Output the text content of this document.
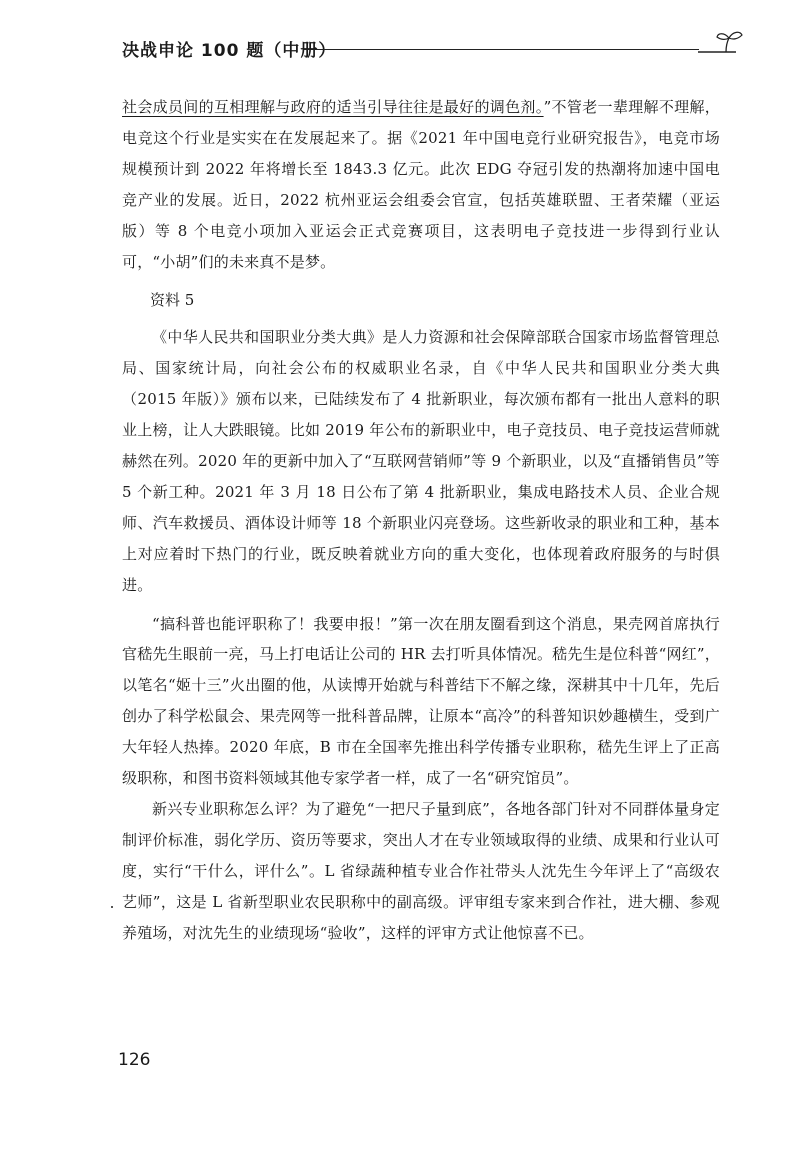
决战申论 100 题（中册）

社会成员间的互相理解与政府的适当引导往往是最好的调色剂。”不管老一辈理解不理解，电竞这个行业是实实在在发展起来了。据《2021 年中国电竞行业研究报告》，电竞市场规模预计到 2022 年将增长至 1843.3 亿元。此次 EDG 夺冠引发的热潮将加速中国电竞产业的发展。近日，2022 杭州亚运会组委会官宣，包括英雄联盟、王者荣耀（亚运版）等 8 个电竞小项加入亚运会正式竞赛项目，这表明电子竞技进一步得到行业认可，“小胡”们的未来真不是梦。

资料 5

《中华人民共和国职业分类大典》是人力资源和社会保障部联合国家市场监督管理总局、国家统计局，向社会公布的权威职业名录，自《中华人民共和国职业分类大典（2015 年版）》颁布以来，已陆续发布了 4 批新职业，每次颁布都有一批出人意料的职业上榜，让人大跌眼镜。比如 2019 年公布的新职业中，电子竞技员、电子竞技运营师就赫然在列。2020 年的更新中加入了“互联网营销师”等 9 个新职业，以及“直播销售员”等 5 个新工种。2021 年 3 月 18 日公布了第 4 批新职业，集成电路技术人员、企业合规师、汽车救援员、酒体设计师等 18 个新职业闪亮登场。这些新收录的职业和工种，基本上对应着时下热门的行业，既反映着就业方向的重大变化，也体现着政府服务的与时俱进。

“搞科普也能评职称了！我要申报！”第一次在朋友圈看到这个消息，果壳网首席执行官嵇先生眼前一亮，马上打电话让公司的 HR 去打听具体情况。嵇先生是位科普“网红”，以笔名“姬十三”火出圈的他，从读博开始就与科普结下不解之缘，深耕其中十几年，先后创办了科学松鼠会、果壳网等一批科普品牌，让原本“高冷”的科普知识妙趣横生，受到广大年轻人热捧。2020 年底，B 市在全国率先推出科学传播专业职称，嵇先生评上了正高级职称，和图书资料领域其他专家学者一样，成了一名“研究馆员”。

新兴专业职称怎么评？为了避免“一把尺子量到底”，各地各部门针对不同群体量身定制评价标准，弱化学历、资历等要求，突出人才在专业领域取得的业绩、成果和行业认可度，实行“干什么，评什么”。L 省绿蔬种植专业合作社带头人沈先生今年评上了“高级农艺师”，这是 L 省新型职业农民职称中的副高级。评审组专家来到合作社，进大棚、参观养殖场，对沈先生的业绩现场“验收”，这样的评审方式让他惊喜不已。

126
